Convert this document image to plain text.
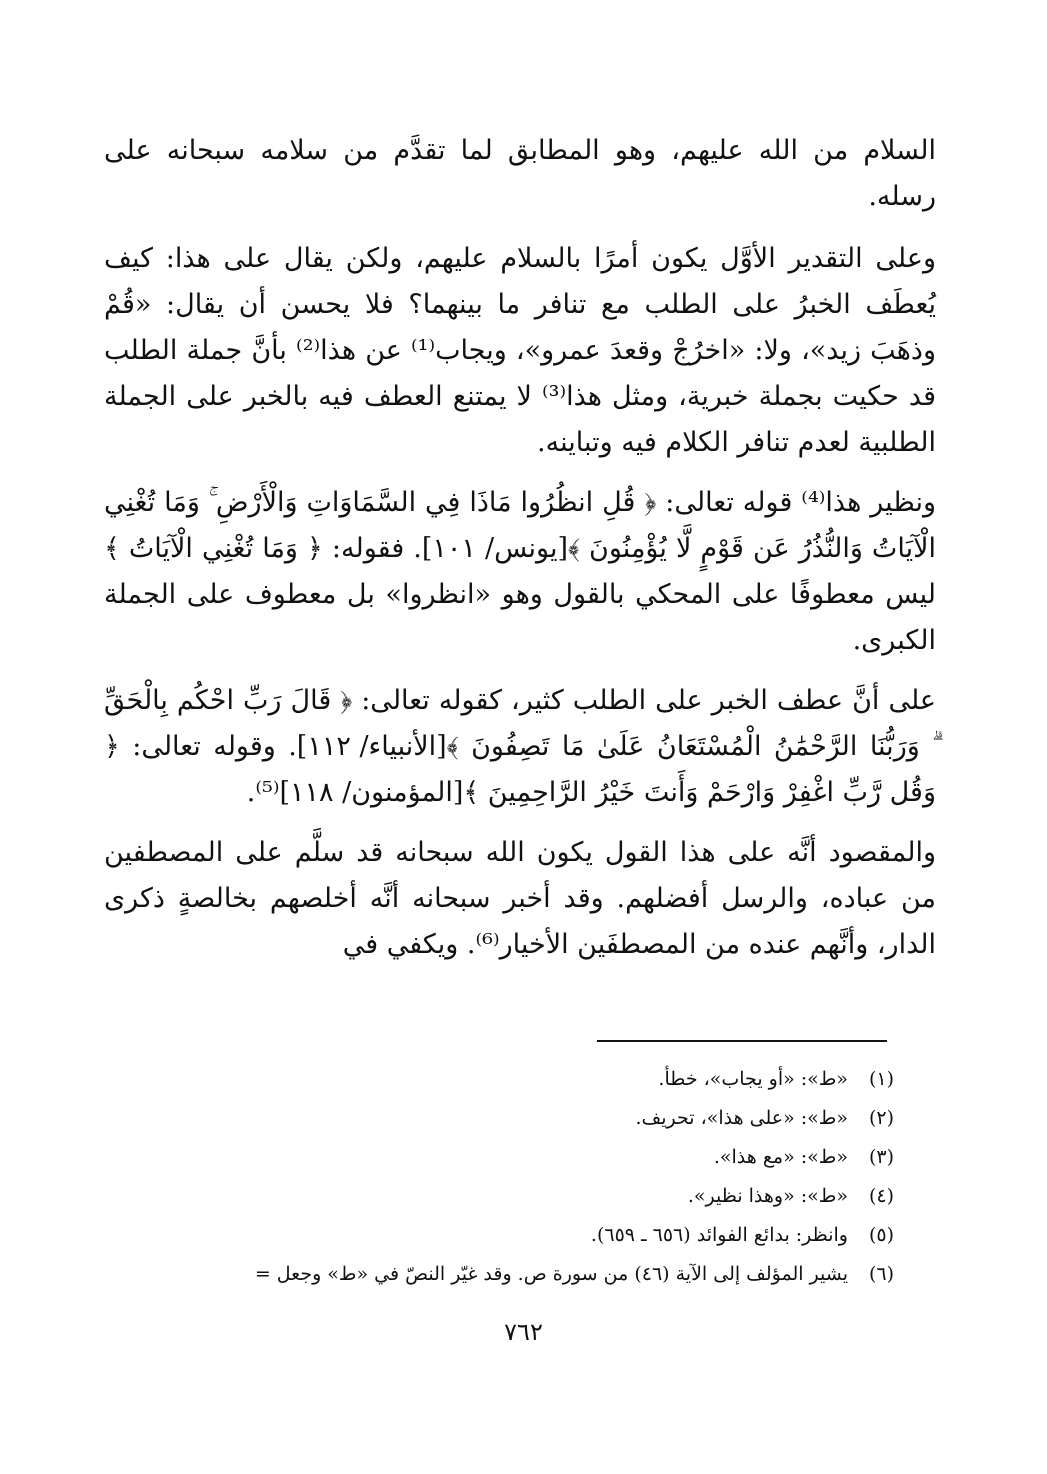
السلام من الله عليهم، وهو المطابق لما تقدَّم من سلامه سبحانه على رسله.

وعلى التقدير الأوَّل يكون أمرًا بالسلام عليهم، ولكن يقال على هذا: كيف يُعطَف الخبرُ على الطلب مع تنافر ما بينهما؟ فلا يحسن أن يقال: «قُمْ وذهَبَ زيد»، ولا: «اخرُجْ وقعدَ عمرو»، ويجاب⁽¹⁾ عن هذا⁽²⁾ بأنَّ جملة الطلب قد حكيت بجملة خبرية، ومثل هذا⁽³⁾ لا يمتنع العطف فيه بالخبر على الجملة الطلبية لعدم تنافر الكلام فيه وتباينه.

ونظير هذا⁽⁴⁾ قوله تعالى: ﴿ قُلِ انظُرُوا مَاذَا فِي السَّمَاوَاتِ وَالْأَرْضِ ۚ وَمَا تُغْنِي الْآيَاتُ وَالنُّذُرُ عَن قَوْمٍ لَّا يُؤْمِنُونَ ﴾[يونس/ ١٠١]. فقوله: ﴿ وَمَا تُغْنِي الْآيَاتُ ﴾ ليس معطوفًا على المحكي بالقول وهو «انظروا» بل معطوف على الجملة الكبرى.

على أنَّ عطف الخبر على الطلب كثير، كقوله تعالى: ﴿ قَالَ رَبِّ احْكُم بِالْحَقِّ ۗ وَرَبُّنَا الرَّحْمَٰنُ الْمُسْتَعَانُ عَلَىٰ مَا تَصِفُونَ ﴾[الأنبياء/ ١١٢]. وقوله تعالى: ﴿ وَقُل رَّبِّ اغْفِرْ وَارْحَمْ وَأَنتَ خَيْرُ الرَّاحِمِينَ ﴾[المؤمنون/ ١١٨]⁽⁵⁾.

والمقصود أنَّه على هذا القول يكون الله سبحانه قد سلَّم على المصطفين من عباده، والرسل أفضلهم. وقد أخبر سبحانه أنَّه أخلصهم بخالصةٍ ذكرى الدار، وأنَّهم عنده من المصطفَين الأخيار⁽⁶⁾. ويكفي في

(١)
«ط»: «أو يجاب»، خطأ.
(٢)
«ط»: «على هذا»، تحريف.
(٣)
«ط»: «مع هذا».
(٤)
«ط»: «وهذا نظير».
(٥)
وانظر: بدائع الفوائد (٦٥٦ ـ ٦٥٩).
(٦)
يشير المؤلف إلى الآية (٤٦) من سورة ص. وقد غيّر النصّ في «ط» وجعل =
٧٦٢
